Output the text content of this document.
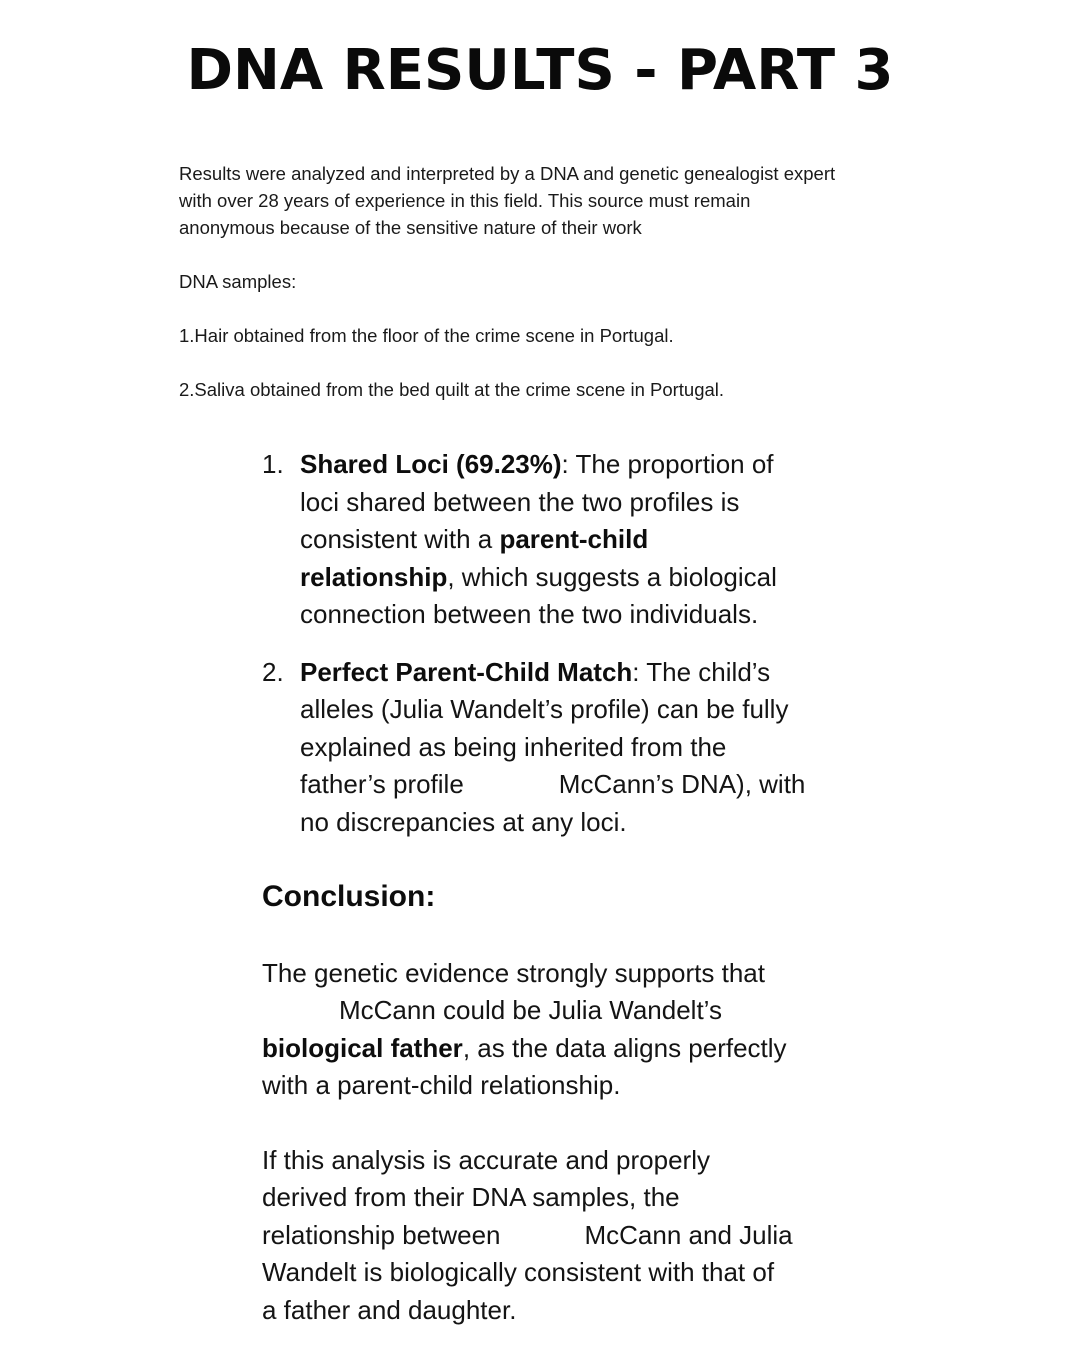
DNA RESULTS - PART 3

Results were analyzed and interpreted by a DNA and genetic genealogist expert

with over 28 years of experience in this field. This source must remain

anonymous because of the sensitive nature of their work

DNA samples:

1.Hair obtained from the floor of the crime scene in Portugal.

2.Saliva obtained from the bed quilt at the crime scene in Portugal.

1. Shared Loci (69.23%): The proportion of
loci shared between the two profiles is
consistent with a parent-child
relationship, which suggests a biological
connection between the two individuals.
2. Perfect Parent-Child Match: The child’s
alleles (Julia Wandelt’s profile) can be fully
explained as being inherited from the
father’s profile	McCann’s DNA), with
no discrepancies at any loci.
Conclusion:
The genetic evidence strongly supports that
McCann could be Julia Wandelt’s
biological father, as the data aligns perfectly
with a parent-child relationship.
If this analysis is accurate and properly
derived from their DNA samples, the
relationship between	McCann and Julia
Wandelt is biologically consistent with that of
a father and daughter.
